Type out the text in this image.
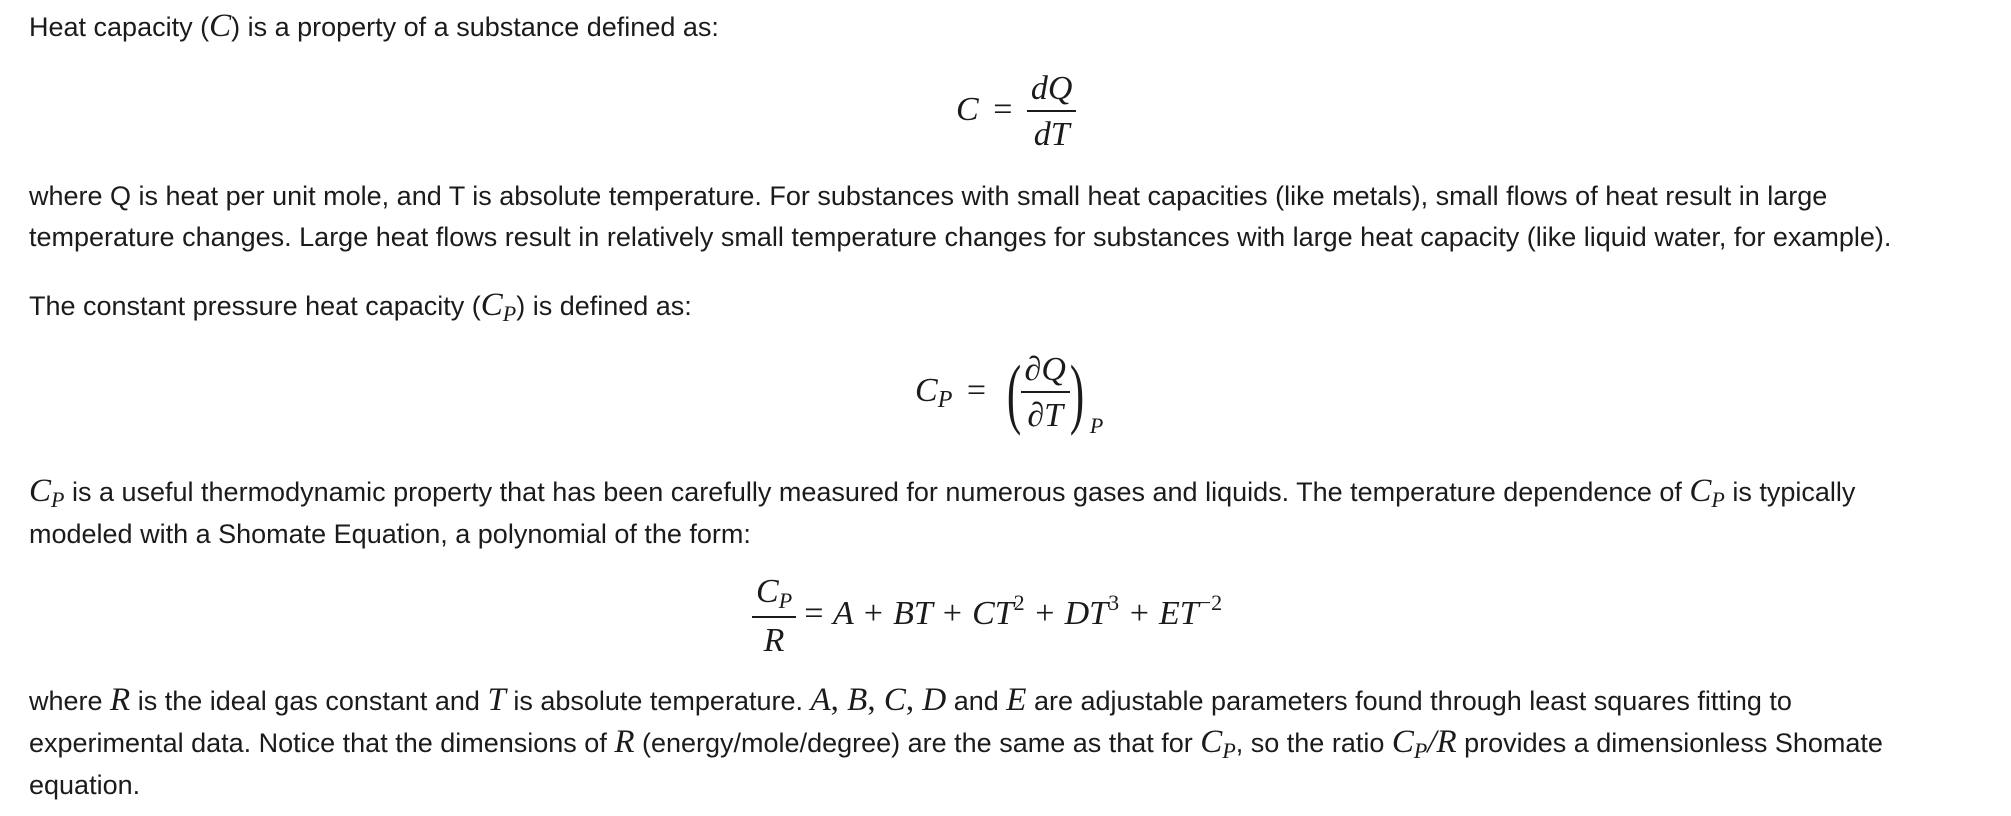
Heat capacity (C) is a property of a substance defined as:

$C = \frac{dQ}{dT}$

where Q is heat per unit mole, and T is absolute temperature. For substances with small heat capacities (like metals), small flows of heat result in large
temperature changes. Large heat flows result in relatively small temperature changes for substances with large heat capacity (like liquid water, for example).

The constant pressure heat capacity $(C_P)$ is defined as:

CP = ( $\frac{\partial Q}{\partial T}$ ) $_P$

$C_P$ is a useful thermodynamic property that has been carefully measured for numerous gases and liquids. The temperature dependence of $C_P$ is typically
modeled with a Shomate Equation, a polynomial of the form:

$\frac{CP}{R} = A$ + BT + $CT^2 + DT^3 + ET^{-2}$

where R is the ideal gas constant and T is absolute temperature. A, B, C, D and E are adjustable parameters found through least squares fitting to
experimental data. Notice that the dimensions of R (energy/mole/degree) are the same as that for $C_P$, so the ratio $C_P/R$ provides a dimensionless Shomate
equation.
